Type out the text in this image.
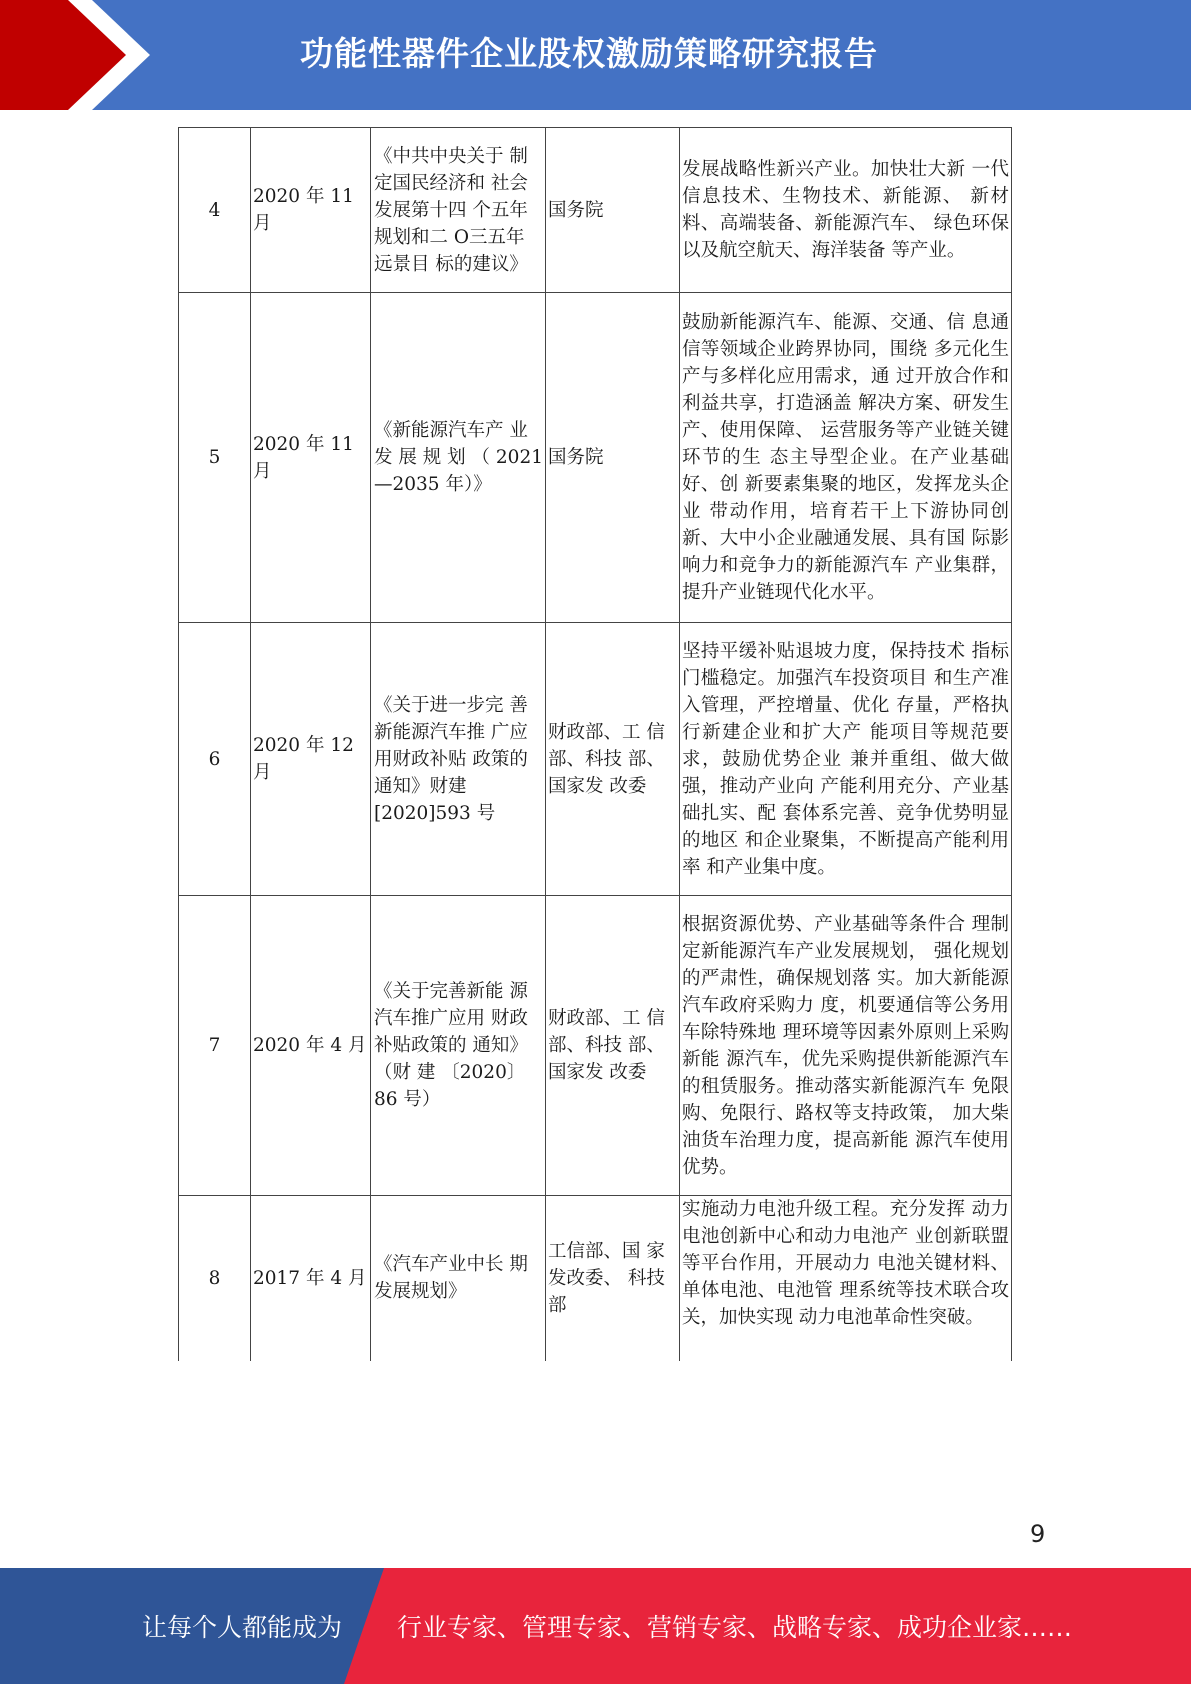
功能性器件企业股权激励策略研究报告
4	2020 年 11 月	《中共中央关于 制定国民经济和 社会发展第十四 个五年规划和二 O三五年远景目 标的建议》	国务院	发展战略性新兴产业。加快壮大新 一代信息技术、生物技术、新能源、 新材料、高端装备、新能源汽车、 绿色环保以及航空航天、海洋装备 等产业。

5	2020 年 11 月	《新能源汽车产 业发 展 规 划 （ 2021—2035 年）》	国务院	鼓励新能源汽车、能源、交通、信 息通信等领域企业跨界协同，围绕 多元化生产与多样化应用需求，通 过开放合作和利益共享，打造涵盖 解决方案、研发生产、使用保障、 运营服务等产业链关键环节的生 态主导型企业。在产业基础好、创 新要素集聚的地区，发挥龙头企业 带动作用，培育若干上下游协同创 新、大中小企业融通发展、具有国 际影响力和竞争力的新能源汽车 产业集群，提升产业链现代化水平。

6	2020 年 12 月	《关于进一步完 善新能源汽车推 广应用财政补贴 政策的通知》财建[2020]593 号	财政部、工 信部、科技 部、国家发 改委	坚持平缓补贴退坡力度，保持技术 指标门槛稳定。加强汽车投资项目 和生产准入管理，严控增量、优化 存量，严格执行新建企业和扩大产 能项目等规范要求，鼓励优势企业 兼并重组、做大做强，推动产业向 产能利用充分、产业基础扎实、配 套体系完善、竞争优势明显的地区 和企业聚集，不断提高产能利用率 和产业集中度。

7	2020 年 4 月	《关于完善新能 源汽车推广应用 财政补贴政策的 通知》（财 建 〔2020〕 86 号）	财政部、工 信部、科技 部、国家发 改委	根据资源优势、产业基础等条件合 理制定新能源汽车产业发展规划， 强化规划的严肃性，确保规划落 实。加大新能源汽车政府采购力 度，机要通信等公务用车除特殊地 理环境等因素外原则上采购新能 源汽车，优先采购提供新能源汽车 的租赁服务。推动落实新能源汽车 免限购、免限行、路权等支持政策， 加大柴油货车治理力度，提高新能 源汽车使用优势。

8	2017 年 4 月	《汽车产业中长 期发展规划》	工信部、国 家发改委、 科技部	实施动力电池升级工程。充分发挥 动力电池创新中心和动力电池产 业创新联盟等平台作用，开展动力 电池关键材料、单体电池、电池管 理系统等技术联合攻关，加快实现 动力电池革命性突破。
9
让每个人都能成为 行业专家、管理专家、营销专家、战略专家、成功企业家……
